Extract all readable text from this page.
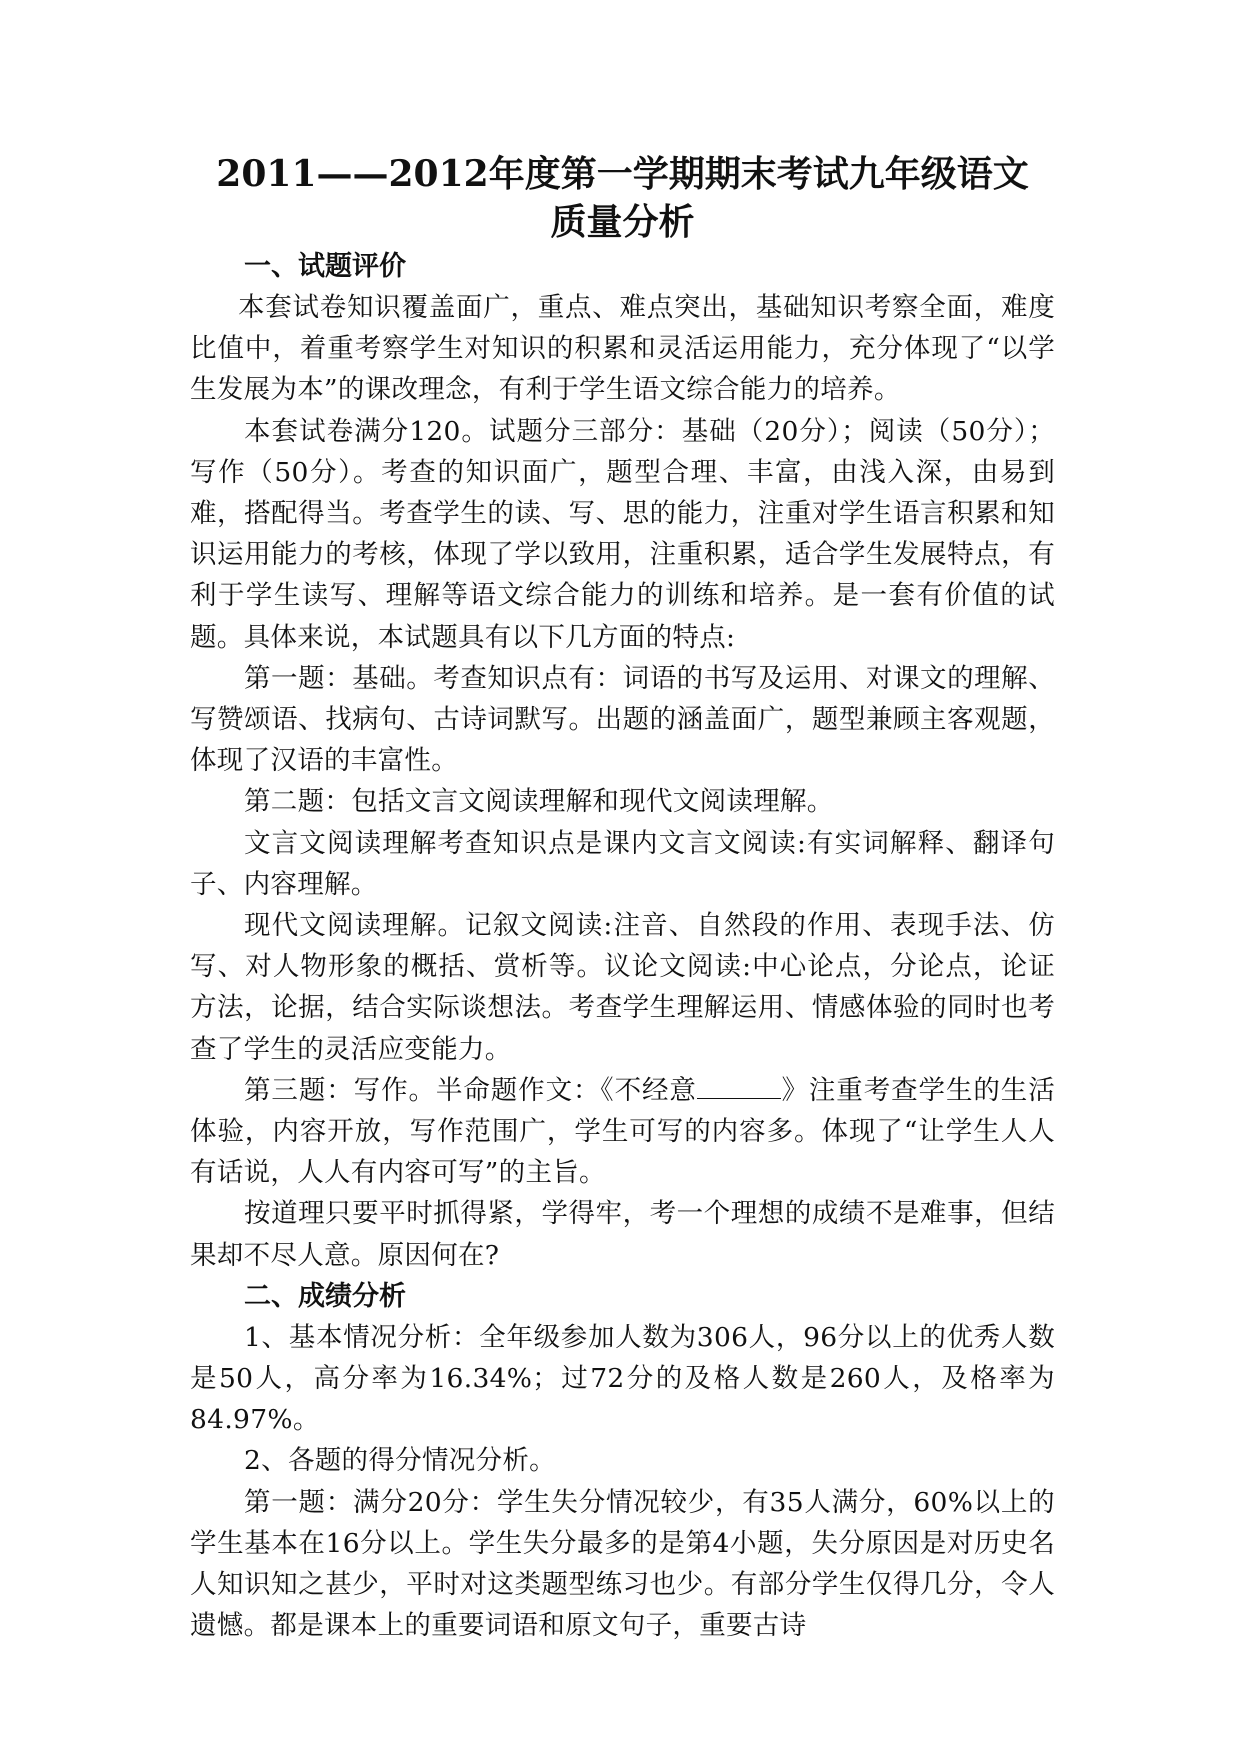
2011——2012年度第一学期期末考试九年级语文
质量分析
一、试题评价

本套试卷知识覆盖面广，重点、难点突出，基础知识考察全面，难度比值中，着重考察学生对知识的积累和灵活运用能力，充分体现了“以学生发展为本”的课改理念，有利于学生语文综合能力的培养。

本套试卷满分120。试题分三部分：基础（20分）；阅读（50分）；写作（50分）。考查的知识面广，题型合理、丰富，由浅入深，由易到难，搭配得当。考查学生的读、写、思的能力，注重对学生语言积累和知识运用能力的考核，体现了学以致用，注重积累，适合学生发展特点，有利于学生读写、理解等语文综合能力的训练和培养。是一套有价值的试题。具体来说，本试题具有以下几方面的特点:

第一题：基础。考查知识点有：词语的书写及运用、对课文的理解、写赞颂语、找病句、古诗词默写。出题的涵盖面广，题型兼顾主客观题，体现了汉语的丰富性。

第二题：包括文言文阅读理解和现代文阅读理解。

文言文阅读理解考查知识点是课内文言文阅读:有实词解释、翻译句子、内容理解。

现代文阅读理解。记叙文阅读:注音、自然段的作用、表现手法、仿写、对人物形象的概括、赏析等。议论文阅读:中心论点，分论点，论证方法，论据，结合实际谈想法。考查学生理解运用、情感体验的同时也考查了学生的灵活应变能力。

第三题：写作。半命题作文：《不经意	》注重考查学生的生活体验，内容开放，写作范围广，学生可写的内容多。体现了“让学生人人有话说，人人有内容可写”的主旨。

按道理只要平时抓得紧，学得牢，考一个理想的成绩不是难事，但结果却不尽人意。原因何在?

二、成绩分析

1、基本情况分析：全年级参加人数为306人，96分以上的优秀人数是50人，高分率为16.34%；过72分的及格人数是260人，及格率为84.97%。

2、各题的得分情况分析。

第一题：满分20分：学生失分情况较少，有35人满分，60%以上的学生基本在16分以上。学生失分最多的是第4小题，失分原因是对历史名人知识知之甚少，平时对这类题型练习也少。有部分学生仅得几分，令人遗憾。都是课本上的重要词语和原文句子，重要古诗
